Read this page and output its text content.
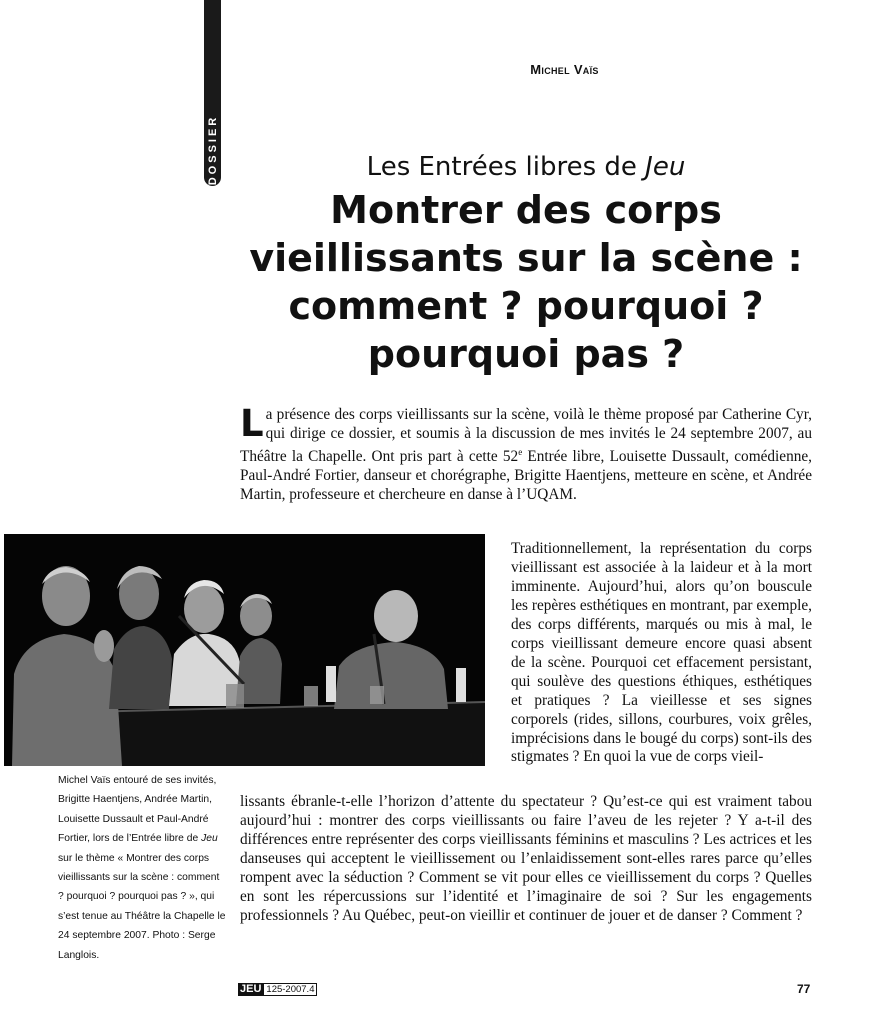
DOSSIER
Michel Vaïs
Les Entrées libres de Jeu
Montrer des corps
vieillissants sur la scène :
comment ? pourquoi ?
pourquoi pas ?

La présence des corps vieillissants sur la scène, voilà le thème proposé par Catherine Cyr, qui dirige ce dossier, et soumis à la discussion de mes invités le 24 septembre 2007, au Théâtre la Chapelle. Ont pris part à cette 52e Entrée libre, Louisette Dussault, comédienne, Paul-André Fortier, danseur et chorégraphe, Brigitte Haentjens, metteure en scène, et Andrée Martin, professeure et chercheure en danse à l’UQAM.

Michel Vaïs entouré de ses invités, Brigitte Haentjens, Andrée Martin, Louisette Dussault et Paul-André Fortier, lors de l’Entrée libre de Jeu sur le thème « Montrer des corps vieillissants sur la scène : comment ? pourquoi ? pourquoi pas ? », qui s’est tenue au Théâtre la Chapelle le 24 septembre 2007. Photo : Serge Langlois.

Traditionnellement, la représentation du corps vieillissant est associée à la laideur et à la mort imminente. Aujourd’hui, alors qu’on bouscule les repères esthétiques en montrant, par exemple, des corps différents, marqués ou mis à mal, le corps vieillissant demeure encore quasi absent de la scène. Pourquoi cet effacement persistant, qui soulève des questions éthiques, esthétiques et pratiques ? La vieillesse et ses signes corporels (rides, sillons, courbures, voix grêles, imprécisions dans le bougé du corps) sont-ils des stigmates ? En quoi la vue de corps vieil-

lissants ébranle-t-elle l’horizon d’attente du spectateur ? Qu’est-ce qui est vraiment tabou aujourd’hui : montrer des corps vieillissants ou faire l’aveu de les rejeter ? Y a-t-il des différences entre représenter des corps vieillissants féminins et masculins ? Les actrices et les danseuses qui acceptent le vieillissement ou l’enlaidissement sont-elles rares parce qu’elles rompent avec la séduction ? Comment se vit pour elles ce vieillissement du corps ? Quelles en sont les répercussions sur l’identité et l’imaginaire de soi ? Sur les engagements professionnels ? Au Québec, peut-on vieillir et continuer de jouer et de danser ? Comment ?

JEU 125-2007.4	77
